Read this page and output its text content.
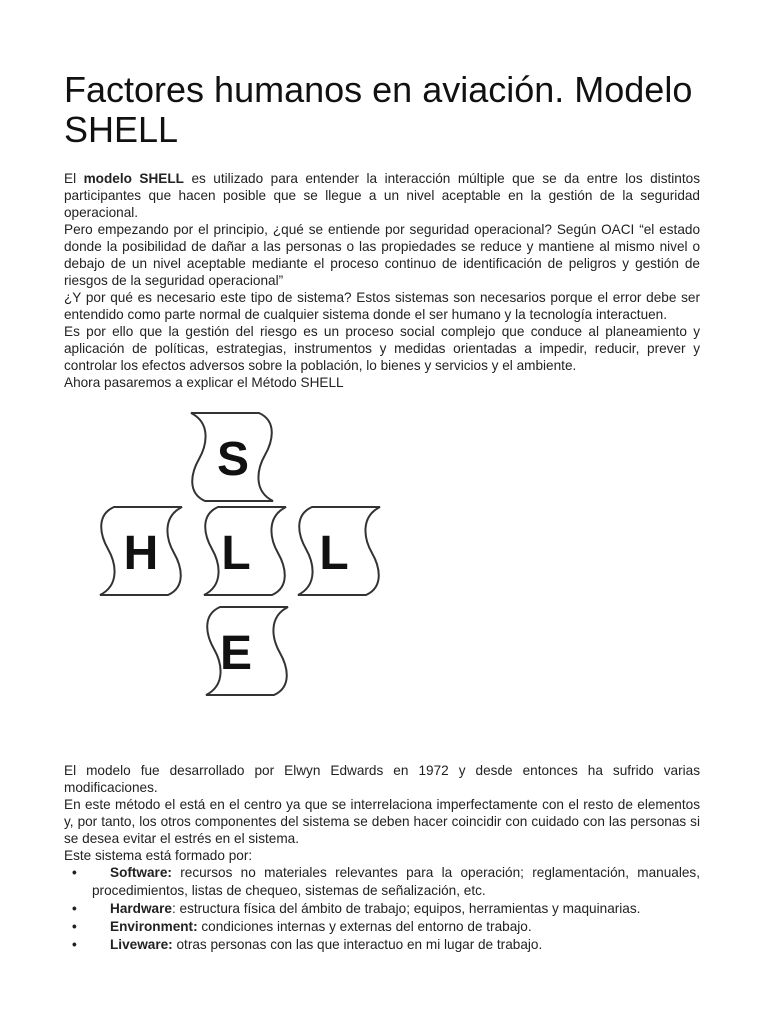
Factores humanos en aviación. Modelo SHELL

El modelo SHELL es utilizado para entender la interacción múltiple que se da entre los distintos participantes que hacen posible que se llegue a un nivel aceptable en la gestión de la seguridad operacional.

Pero empezando por el principio, ¿qué se entiende por seguridad operacional? Según OACI “el estado donde la posibilidad de dañar a las personas o las propiedades se reduce y mantiene al mismo nivel o debajo de un nivel aceptable mediante el proceso continuo de identificación de peligros y gestión de riesgos de la seguridad operacional”

¿Y por qué es necesario este tipo de sistema? Estos sistemas son necesarios porque el error debe ser entendido como parte normal de cualquier sistema donde el ser humano y la tecnología interactuen.

Es por ello que la gestión del riesgo es un proceso social complejo que conduce al planeamiento y aplicación de políticas, estrategias, instrumentos y medidas orientadas a impedir, reducir, prever y controlar los efectos adversos sobre la población, lo bienes y servicios y el ambiente.

Ahora pasaremos a explicar el Método SHELL

S
H L L
E

El modelo fue desarrollado por Elwyn Edwards en 1972 y desde entonces ha sufrido varias modificaciones.

En este método el está en el centro ya que se interrelaciona imperfectamente con el resto de elementos y, por tanto, los otros componentes del sistema se deben hacer coincidir con cuidado con las personas si se desea evitar el estrés en el sistema.

Este sistema está formado por:

• Software: recursos no materiales relevantes para la operación; reglamentación, manuales, procedimientos, listas de chequeo, sistemas de señalización, etc.
• Hardware: estructura física del ámbito de trabajo; equipos, herramientas y maquinarias.
• Environment: condiciones internas y externas del entorno de trabajo.
• Liveware: otras personas con las que interactuo en mi lugar de trabajo.
